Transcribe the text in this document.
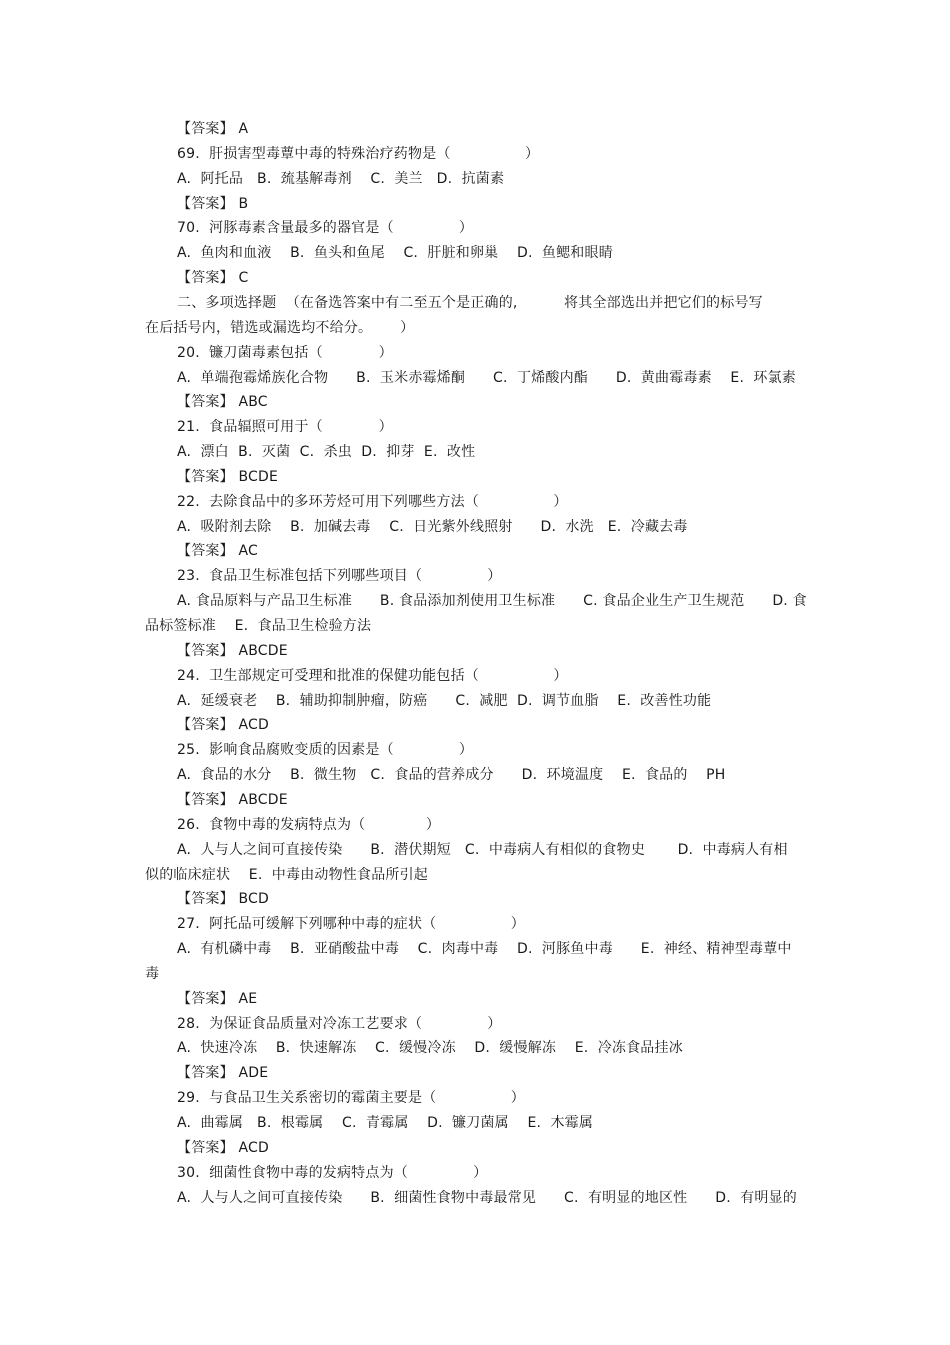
【答案】 A
69.  肝损害型毒蕈中毒的特殊治疗药物是（                ）
A.  阿托品   B.  巯基解毒剂    C.  美兰   D.  抗菌素
【答案】 B
70.  河豚毒素含量最多的器官是（              ）
A.  鱼肉和血液    B.  鱼头和鱼尾    C.  肝脏和卵巢    D.  鱼鳃和眼睛
【答案】 C
二、多项选择题  （在备选答案中有二至五个是正确的,          将其全部选出并把它们的标号写
在后括号内，错选或漏选均不给分。      ）
20.  镰刀菌毒素包括（            ）
A.  单端孢霉烯族化合物      B.  玉米赤霉烯酮      C.  丁烯酸内酯      D.  黄曲霉毒素    E.  环氯素
【答案】 ABC
21.  食品辐照可用于（            ）
A.  漂白  B.  灭菌  C.  杀虫  D.  抑芽  E.  改性
【答案】 BCDE
22.  去除食品中的多环芳烃可用下列哪些方法（                ）
A.  吸附剂去除    B.  加碱去毒    C.  日光紫外线照射      D.  水洗   E.  冷藏去毒
【答案】 AC
23.  食品卫生标准包括下列哪些项目（              ）
A. 食品原料与产品卫生标准      B. 食品添加剂使用卫生标准      C. 食品企业生产卫生规范      D. 食
品标签标准    E.  食品卫生检验方法
【答案】 ABCDE
24.  卫生部规定可受理和批准的保健功能包括（                ）
A.  延缓衰老    B.  辅助抑制肿瘤，防癌      C.  减肥  D.  调节血脂    E.  改善性功能
【答案】 ACD
25.  影响食品腐败变质的因素是（              ）
A.  食品的水分    B.  微生物   C.  食品的营养成分      D.  环境温度    E.  食品的    PH
【答案】 ABCDE
26.  食物中毒的发病特点为（             ）
A.  人与人之间可直接传染      B.  潜伏期短   C.  中毒病人有相似的食物史       D.  中毒病人有相
似的临床症状    E.  中毒由动物性食品所引起
【答案】 BCD
27.  阿托品可缓解下列哪种中毒的症状（                ）
A.  有机磷中毒    B.  亚硝酸盐中毒    C.  肉毒中毒    D.  河豚鱼中毒      E.  神经、精神型毒蕈中
毒
【答案】 AE
28.  为保证食品质量对冷冻工艺要求（              ）
A.  快速冷冻    B.  快速解冻    C.  缓慢冷冻    D.  缓慢解冻    E.  冷冻食品挂冰
【答案】 ADE
29.  与食品卫生关系密切的霉菌主要是（                ）
A.  曲霉属   B.  根霉属    C.  青霉属    D.  镰刀菌属    E.  木霉属
【答案】 ACD
30.  细菌性食物中毒的发病特点为（              ）
A.  人与人之间可直接传染      B.  细菌性食物中毒最常见      C.  有明显的地区性      D.  有明显的
